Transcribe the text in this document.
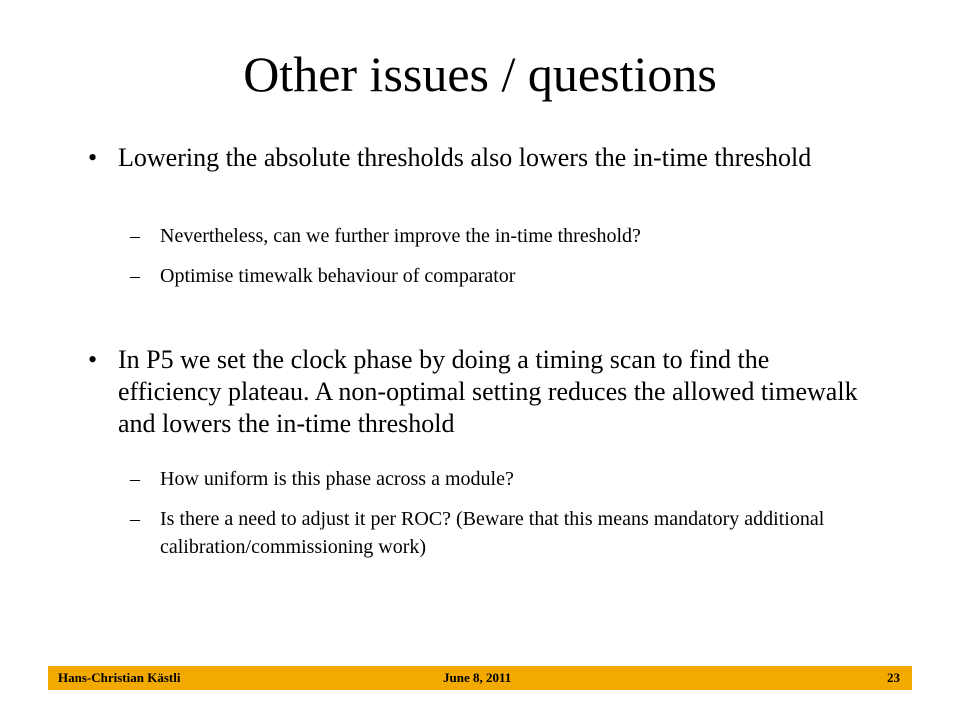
Other issues / questions
• Lowering the absolute thresholds also lowers the in-time threshold
– Nevertheless, can we further improve the in-time threshold?
– Optimise timewalk behaviour of comparator
• In P5 we set the clock phase by doing a timing scan to find the efficiency plateau. A non-optimal setting reduces the allowed timewalk and lowers the in-time threshold
– How uniform is this phase across a module?
– Is there a need to adjust it per ROC? (Beware that this means mandatory additional calibration/commissioning work)
Hans-Christian Kästli	June 8, 2011	23
